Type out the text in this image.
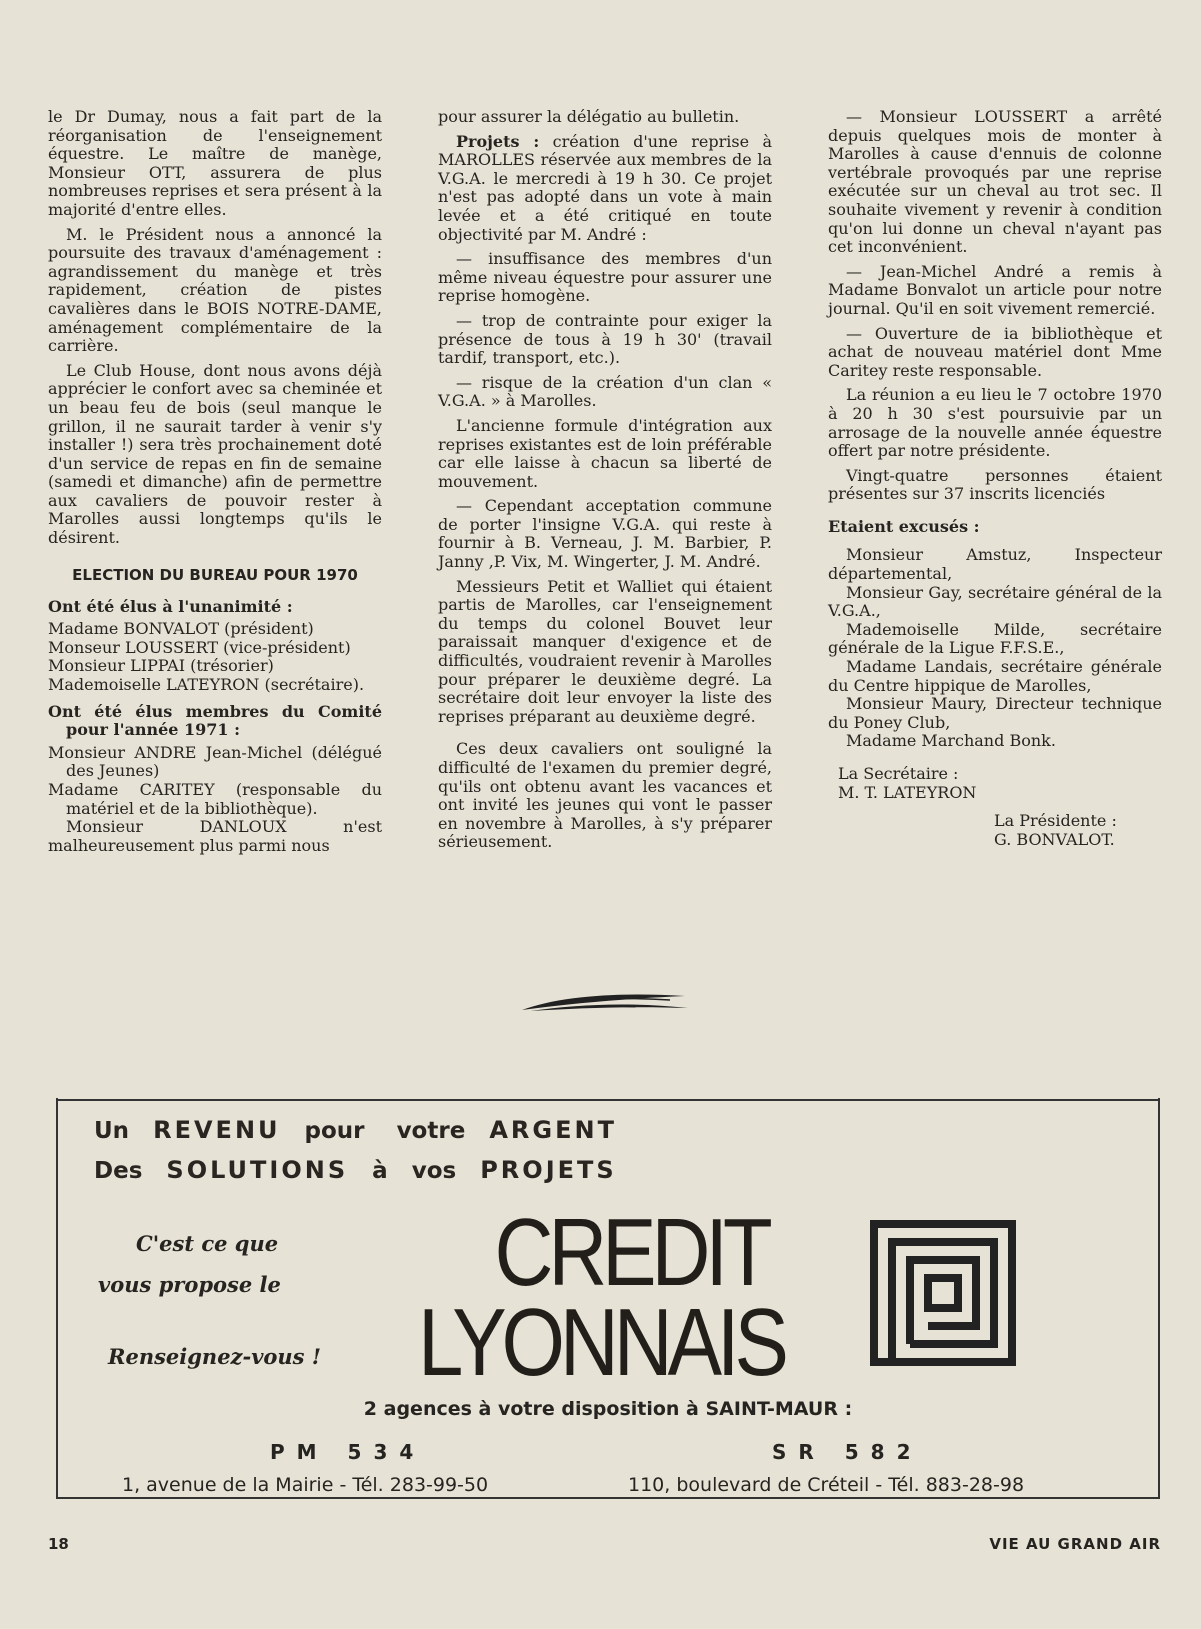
le Dr Dumay, nous a fait part de la réorganisation de l'enseignement équestre. Le maître de manège, Monsieur OTT, assurera de plus nombreuses reprises et sera présent à la majorité d'entre elles.

M. le Président nous a annoncé la poursuite des travaux d'aménagement : agrandissement du manège et très rapidement, création de pistes cavalières dans le BOIS NOTRE-DAME, aménagement complémentaire de la carrière.

Le Club House, dont nous avons déjà apprécier le confort avec sa cheminée et un beau feu de bois (seul manque le grillon, il ne saurait tarder à venir s'y installer !) sera très prochainement doté d'un service de repas en fin de semaine (samedi et dimanche) afin de permettre aux cavaliers de pouvoir rester à Marolles aussi longtemps qu'ils le désirent.

ELECTION DU BUREAU POUR 1970

Ont été élus à l'unanimité :

Madame BONVALOT (président)

Monseur LOUSSERT (vice-président)

Monsieur LIPPAI (trésorier)

Mademoiselle LATEYRON (secrétaire).

Ont été élus membres du Comité pour l'année 1971 :

Monsieur ANDRE Jean-Michel (délégué des Jeunes)

Madame CARITEY (responsable du matériel et de la bibliothèque).

Monsieur DANLOUX n'est malheureusement plus parmi nous

pour assurer la délégatio au bulletin.

Projets : création d'une reprise à MAROLLES réservée aux membres de la V.G.A. le mercredi à 19 h 30. Ce projet n'est pas adopté dans un vote à main levée et a été critiqué en toute objectivité par M. André :

— insuffisance des membres d'un même niveau équestre pour assurer une reprise homogène.

— trop de contrainte pour exiger la présence de tous à 19 h 30' (travail tardif, transport, etc.).

— risque de la création d'un clan « V.G.A. » à Marolles.

L'ancienne formule d'intégration aux reprises existantes est de loin préférable car elle laisse à chacun sa liberté de mouvement.

— Cependant acceptation commune de porter l'insigne V.G.A. qui reste à fournir à B. Verneau, J. M. Barbier, P. Janny ,P. Vix, M. Wingerter, J. M. André.

Messieurs Petit et Walliet qui étaient partis de Marolles, car l'enseignement du temps du colonel Bouvet leur paraissait manquer d'exigence et de difficultés, voudraient revenir à Marolles pour préparer le deuxième degré. La secrétaire doit leur envoyer la liste des reprises préparant au deuxième degré.

Ces deux cavaliers ont souligné la difficulté de l'examen du premier degré, qu'ils ont obtenu avant les vacances et ont invité les jeunes qui vont le passer en novembre à Marolles, à s'y préparer sérieusement.

— Monsieur LOUSSERT a arrêté depuis quelques mois de monter à Marolles à cause d'ennuis de colonne vertébrale provoqués par une reprise exécutée sur un cheval au trot sec. Il souhaite vivement y revenir à condition qu'on lui donne un cheval n'ayant pas cet inconvénient.

— Jean-Michel André a remis à Madame Bonvalot un article pour notre journal. Qu'il en soit vivement remercié.

— Ouverture de ia bibliothèque et achat de nouveau matériel dont Mme Caritey reste responsable.

La réunion a eu lieu le 7 octobre 1970 à 20 h 30 s'est poursuivie par un arrosage de la nouvelle année équestre offert par notre présidente.

Vingt-quatre personnes étaient présentes sur 37 inscrits licenciés

Etaient excusés :

Monsieur Amstuz, Inspecteur départemental,

Monsieur Gay, secrétaire général de la V.G.A.,

Mademoiselle Milde, secrétaire générale de la Ligue F.F.S.E.,

Madame Landais, secrétaire générale du Centre hippique de Marolles,

Monsieur Maury, Directeur technique du Poney Club,

Madame Marchand Bonk.

La Secrétaire :
M. T. LATEYRON
La Présidente :
G. BONVALOT.
Un REVENU pour votre ARGENT
Des SOLUTIONS à vos PROJETS
C'est ce que
vous propose le
Renseignez-vous !
CREDIT
LYONNAIS
2 agences à votre disposition à SAINT-MAUR :
PM 534	SR 582
1, avenue de la Mairie - Tél. 283-99-50	110, boulevard de Créteil - Tél. 883-28-98
18	VIE AU GRAND AIR
